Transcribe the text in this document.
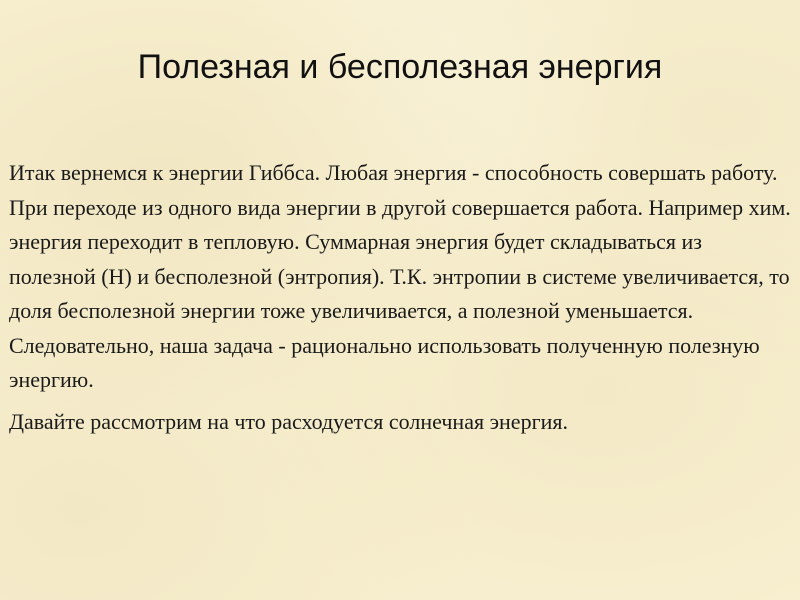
Полезная и бесполезная энергия

Итак вернемся к энергии Гиббса. Любая энергия - способность совершать работу. При переходе из одного вида энергии в другой совершается работа. Например хим. энергия переходит в тепловую. Суммарная энергия будет складываться из полезной (Н) и бесполезной (энтропия). Т.К. энтропии в системе увеличивается, то доля бесполезной энергии тоже увеличивается, а полезной уменьшается. Следовательно, наша задача - рационально использовать полученную полезную энергию.

Давайте рассмотрим на что расходуется солнечная энергия.
